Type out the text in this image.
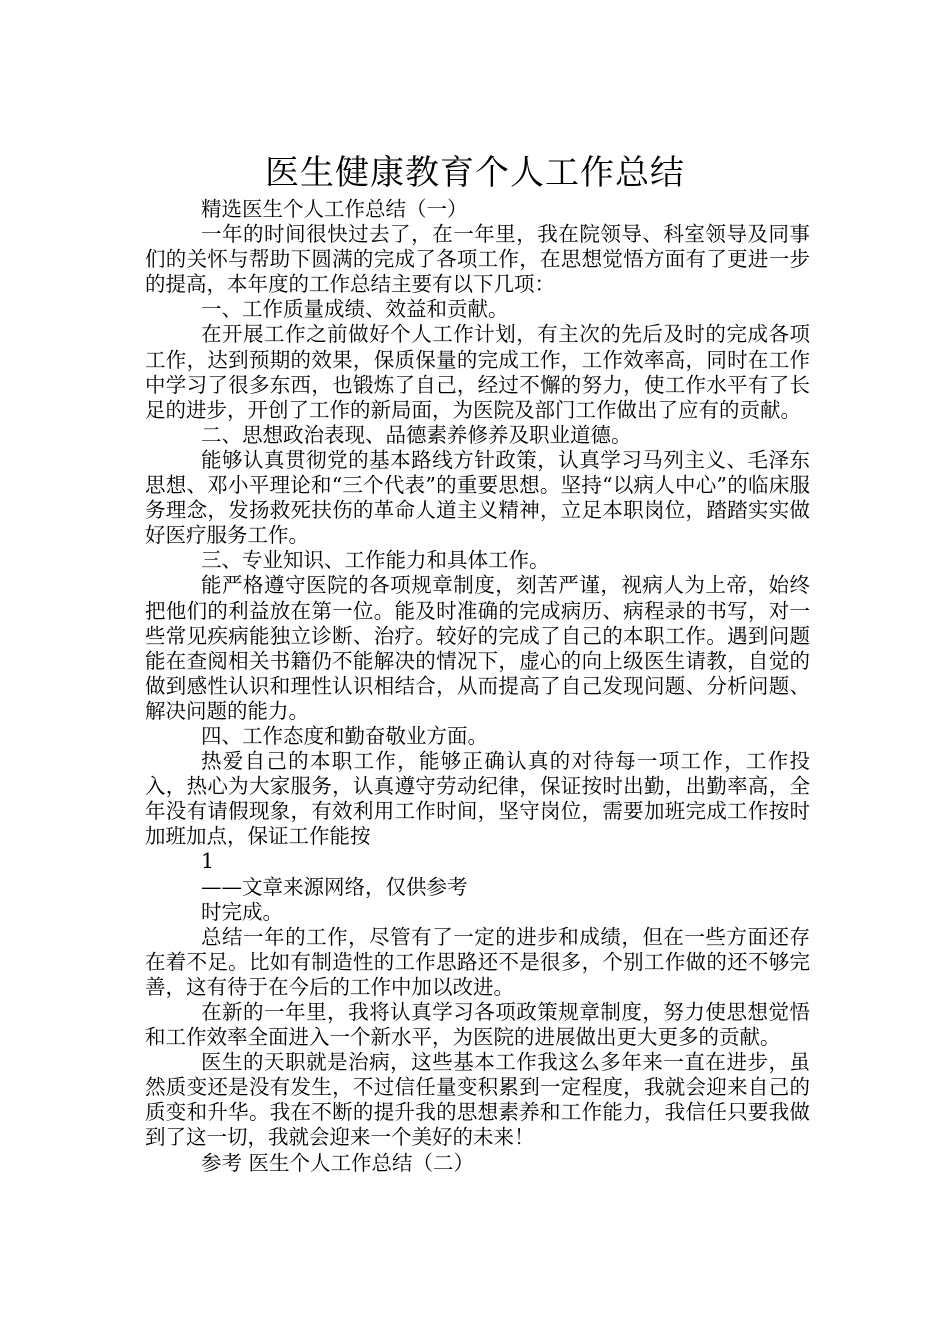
医生健康教育个人工作总结

精选医生个人工作总结（一）

一年的时间很快过去了，在一年里，我在院领导、科室领导及同事们的关怀与帮助下圆满的完成了各项工作，在思想觉悟方面有了更进一步的提高，本年度的工作总结主要有以下几项：

一、工作质量成绩、效益和贡献。

在开展工作之前做好个人工作计划，有主次的先后及时的完成各项工作，达到预期的效果，保质保量的完成工作，工作效率高，同时在工作中学习了很多东西，也锻炼了自己，经过不懈的努力，使工作水平有了长足的进步，开创了工作的新局面，为医院及部门工作做出了应有的贡献。

二、思想政治表现、品德素养修养及职业道德。

能够认真贯彻党的基本路线方针政策，认真学习马列主义、毛泽东思想、邓小平理论和“三个代表”的重要思想。坚持“以病人中心”的临床服务理念，发扬救死扶伤的革命人道主义精神，立足本职岗位，踏踏实实做好医疗服务工作。

三、专业知识、工作能力和具体工作。

能严格遵守医院的各项规章制度，刻苦严谨，视病人为上帝，始终把他们的利益放在第一位。能及时准确的完成病历、病程录的书写，对一些常见疾病能独立诊断、治疗。较好的完成了自己的本职工作。遇到问题能在查阅相关书籍仍不能解决的情况下，虚心的向上级医生请教，自觉的做到感性认识和理性认识相结合，从而提高了自己发现问题、分析问题、解决问题的能力。

四、工作态度和勤奋敬业方面。

热爱自己的本职工作，能够正确认真的对待每一项工作，工作投入，热心为大家服务，认真遵守劳动纪律，保证按时出勤，出勤率高，全年没有请假现象，有效利用工作时间，坚守岗位，需要加班完成工作按时加班加点，保证工作能按

1

——文章来源网络，仅供参考

时完成。

总结一年的工作，尽管有了一定的进步和成绩，但在一些方面还存在着不足。比如有制造性的工作思路还不是很多，个别工作做的还不够完善，这有待于在今后的工作中加以改进。

在新的一年里，我将认真学习各项政策规章制度，努力使思想觉悟和工作效率全面进入一个新水平，为医院的进展做出更大更多的贡献。

医生的天职就是治病，这些基本工作我这么多年来一直在进步，虽然质变还是没有发生，不过信任量变积累到一定程度，我就会迎来自己的质变和升华。我在不断的提升我的思想素养和工作能力，我信任只要我做到了这一切，我就会迎来一个美好的未来！

参考 医生个人工作总结（二）
